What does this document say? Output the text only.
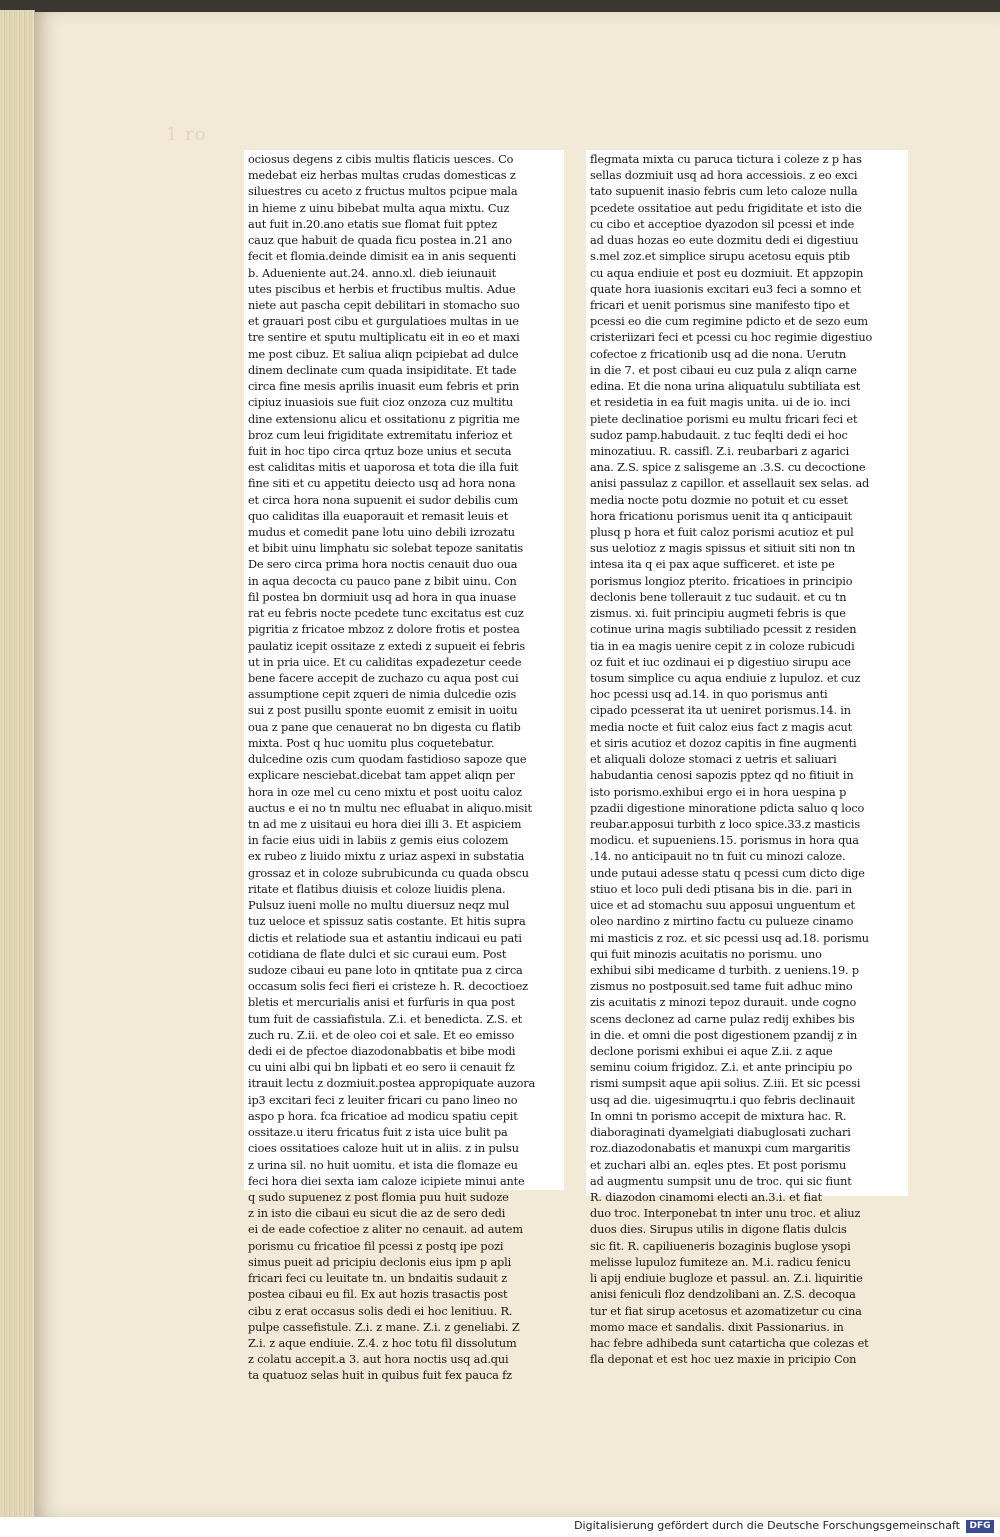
1 ro
ociosus degens z cibis multis flaticis uesces. Co
medebat eiz herbas multas crudas domesticas z
siluestres cu aceto z fructus multos pcipue mala
in hieme z uinu bibebat multa aqua mixtu. Cuz
aut fuit in.20.ano etatis sue flomat fuit pptez
cauz que habuit de quada ficu postea in.21 ano
fecit et flomia.deinde dimisit ea in anis sequenti
b. Adueniente aut.24. anno.xl. dieb ieiunauit
utes piscibus et herbis et fructibus multis. Adue
niete aut pascha cepit debilitari in stomacho suo
et grauari post cibu et gurgulatioes multas in ue
tre sentire et sputu multiplicatu eit in eo et maxi
me post cibuz. Et saliua aliqn pcipiebat ad dulce
dinem declinate cum quada insipiditate. Et tade
circa fine mesis aprilis inuasit eum febris et prin
cipiuz inuasiois sue fuit cioz onzoza cuz multitu
dine extensionu alicu et ossitationu z pigritia me
broz cum leui frigiditate extremitatu inferioz et
fuit in hoc tipo circa qrtuz boze unius et secuta
est caliditas mitis et uaporosa et tota die illa fuit
fine siti et cu appetitu deiecto usq ad hora nona
et circa hora nona supuenit ei sudor debilis cum
quo caliditas illa euaporauit et remasit leuis et
mudus et comedit pane lotu uino debili izrozatu
et bibit uinu limphatu sic solebat tepoze sanitatis
De sero circa prima hora noctis cenauit duo oua
in aqua decocta cu pauco pane z bibit uinu. Con
fil postea bn dormiuit usq ad hora in qua inuase
rat eu febris nocte pcedete tunc excitatus est cuz
pigritia z fricatoe mbzoz z dolore frotis et postea
paulatiz icepit ossitaze z extedi z supueit ei febris
ut in pria uice. Et cu caliditas expadezetur ceede
bene facere accepit de zuchazo cu aqua post cui
assumptione cepit zqueri de nimia dulcedie ozis
sui z post pusillu sponte euomit z emisit in uoitu
oua z pane que cenauerat no bn digesta cu flatib
mixta. Post q huc uomitu plus coquetebatur.
dulcedine ozis cum quodam fastidioso sapoze que
explicare nesciebat.dicebat tam appet aliqn per
hora in oze mel cu ceno mixtu et post uoitu caloz
auctus e ei no tn multu nec efluabat in aliquo.misit
tn ad me z uisitaui eu hora diei illi 3. Et aspiciem
in facie eius uidi in labiis z gemis eius colozem
ex rubeo z liuido mixtu z uriaz aspexi in substatia
grossaz et in coloze subrubicunda cu quada obscu
ritate et flatibus diuisis et coloze liuidis plena.
Pulsuz iueni molle no multu diuersuz neqz mul
tuz ueloce et spissuz satis costante. Et hitis supra
dictis et relatiode sua et astantiu indicaui eu pati
cotidiana de flate dulci et sic curaui eum. Post
sudoze cibaui eu pane loto in qntitate pua z circa
occasum solis feci fieri ei cristeze h. R. decoctioez
bletis et mercurialis anisi et furfuris in qua post
tum fuit de cassiafistula. Z.i. et benedicta. Z.S. et
zuch ru. Z.ii. et de oleo coi et sale. Et eo emisso
dedi ei de pfectoe diazodonabbatis et bibe modi
cu uini albi qui bn lipbati et eo sero ii cenauit fz
itrauit lectu z dozmiuit.postea appropiquate auzora
ip3 excitari feci z leuiter fricari cu pano lineo no
aspo p hora. fca fricatioe ad modicu spatiu cepit
ossitaze.u iteru fricatus fuit z ista uice bulit pa
cioes ossitatioes caloze huit ut in aliis. z in pulsu
z urina sil. no huit uomitu. et ista die flomaze eu
feci hora diei sexta iam caloze icipiete minui ante
q sudo supuenez z post flomia puu huit sudoze
z in isto die cibaui eu sicut die az de sero dedi
ei de eade cofectioe z aliter no cenauit. ad autem
porismu cu fricatioe fil pcessi z postq ipe pozi
simus pueit ad pricipiu declonis eius ipm p apli
fricari feci cu leuitate tn. un bndaitis sudauit z
postea cibaui eu fil. Ex aut hozis trasactis post
cibu z erat occasus solis dedi ei hoc lenitiuu. R.
pulpe cassefistule. Z.i. z mane. Z.i. z geneliabi. Z
Z.i. z aque endiuie. Z.4. z hoc totu fil dissolutum
z colatu accepit.a 3. aut hora noctis usq ad.qui
ta quatuoz selas huit in quibus fuit fex pauca fz
flegmata mixta cu paruca tictura i coleze z p has
sellas dozmiuit usq ad hora accessiois. z eo exci
tato supuenit inasio febris cum leto caloze nulla
pcedete ossitatioe aut pedu frigiditate et isto die
cu cibo et acceptioe dyazodon sil pcessi et inde
ad duas hozas eo eute dozmitu dedi ei digestiuu
s.mel zoz.et simplice sirupu acetosu equis ptib
cu aqua endiuie et post eu dozmiuit. Et appzopin
quate hora iuasionis excitari eu3 feci a somno et
fricari et uenit porismus sine manifesto tipo et
pcessi eo die cum regimine pdicto et de sezo eum
cristeriizari feci et pcessi cu hoc regimie digestiuo
cofectoe z fricationib usq ad die nona. Uerutn
in die 7. et post cibaui eu cuz pula z aliqn carne
edina. Et die nona urina aliquatulu subtiliata est
et residetia in ea fuit magis unita. ui de io. inci
piete declinatioe porismi eu multu fricari feci et
sudoz pamp.habudauit. z tuc feqlti dedi ei hoc
minozatiuu. R. cassifl. Z.i. reubarbari z agarici
ana. Z.S. spice z salisgeme an .3.S. cu decoctione
anisi passulaz z capillor. et assellauit sex selas. ad
media nocte potu dozmie no potuit et cu esset
hora fricationu porismus uenit ita q anticipauit
plusq p hora et fuit caloz porismi acutioz et pul
sus uelotioz z magis spissus et sitiuit siti non tn
intesa ita q ei pax aque sufficeret. et iste pe
porismus longioz pterito. fricatioes in principio
declonis bene tollerauit z tuc sudauit. et cu tn
zismus. xi. fuit principiu augmeti febris is que
cotinue urina magis subtiliado pcessit z residen
tia in ea magis uenire cepit z in coloze rubicudi
oz fuit et iuc ozdinaui ei p digestiuo sirupu ace
tosum simplice cu aqua endiuie z lupuloz. et cuz
hoc pcessi usq ad.14. in quo porismus anti
cipado pcesserat ita ut ueniret porismus.14. in
media nocte et fuit caloz eius fact z magis acut
et siris acutioz et dozoz capitis in fine augmenti
et aliquali doloze stomaci z uetris et saliuari
habudantia cenosi sapozis pptez qd no fitiuit in
isto porismo.exhibui ergo ei in hora uespina p
pzadii digestione minoratione pdicta saluo q loco
reubar.apposui turbith z loco spice.33.z masticis
modicu. et supueniens.15. porismus in hora qua
.14. no anticipauit no tn fuit cu minozi caloze.
unde putaui adesse statu q pcessi cum dicto dige
stiuo et loco puli dedi ptisana bis in die. pari in
uice et ad stomachu suu apposui unguentum et
oleo nardino z mirtino factu cu pulueze cinamo
mi masticis z roz. et sic pcessi usq ad.18. porismu
qui fuit minozis acuitatis no porismu. uno
exhibui sibi medicame d turbith. z ueniens.19. p
zismus no postposuit.sed tame fuit adhuc mino
zis acuitatis z minozi tepoz durauit. unde cogno
scens declonez ad carne pulaz redij exhibes bis
in die. et omni die post digestionem pzandij z in
declone porismi exhibui ei aque Z.ii. z aque
seminu coium frigidoz. Z.i. et ante principiu po
rismi sumpsit aque apii solius. Z.iii. Et sic pcessi
usq ad die. uigesimuqrtu.i quo febris declinauit
In omni tn porismo accepit de mixtura hac. R.
diaboraginati dyamelgiati diabuglosati zuchari
roz.diazodonabatis et manuxpi cum margaritis
et zuchari albi an. eqles ptes. Et post porismu
ad augmentu sumpsit unu de troc. qui sic fiunt
R. diazodon cinamomi electi an.3.i. et fiat
duo troc. Interponebat tn inter unu troc. et aliuz
duos dies. Sirupus utilis in digone flatis dulcis
sic fit. R. capiliueneris bozaginis buglose ysopi
melisse lupuloz fumiteze an. M.i. radicu fenicu
li apij endiuie bugloze et passul. an. Z.i. liquiritie
anisi feniculi floz dendzolibani an. Z.S. decoqua
tur et fiat sirup acetosus et azomatizetur cu cina
momo mace et sandalis. dixit Passionarius. in
hac febre adhibeda sunt catarticha que colezas et
fla deponat et est hoc uez maxie in pricipio Con
Digitalisierung gefördert durch die Deutsche Forschungsgemeinschaft	DFG
